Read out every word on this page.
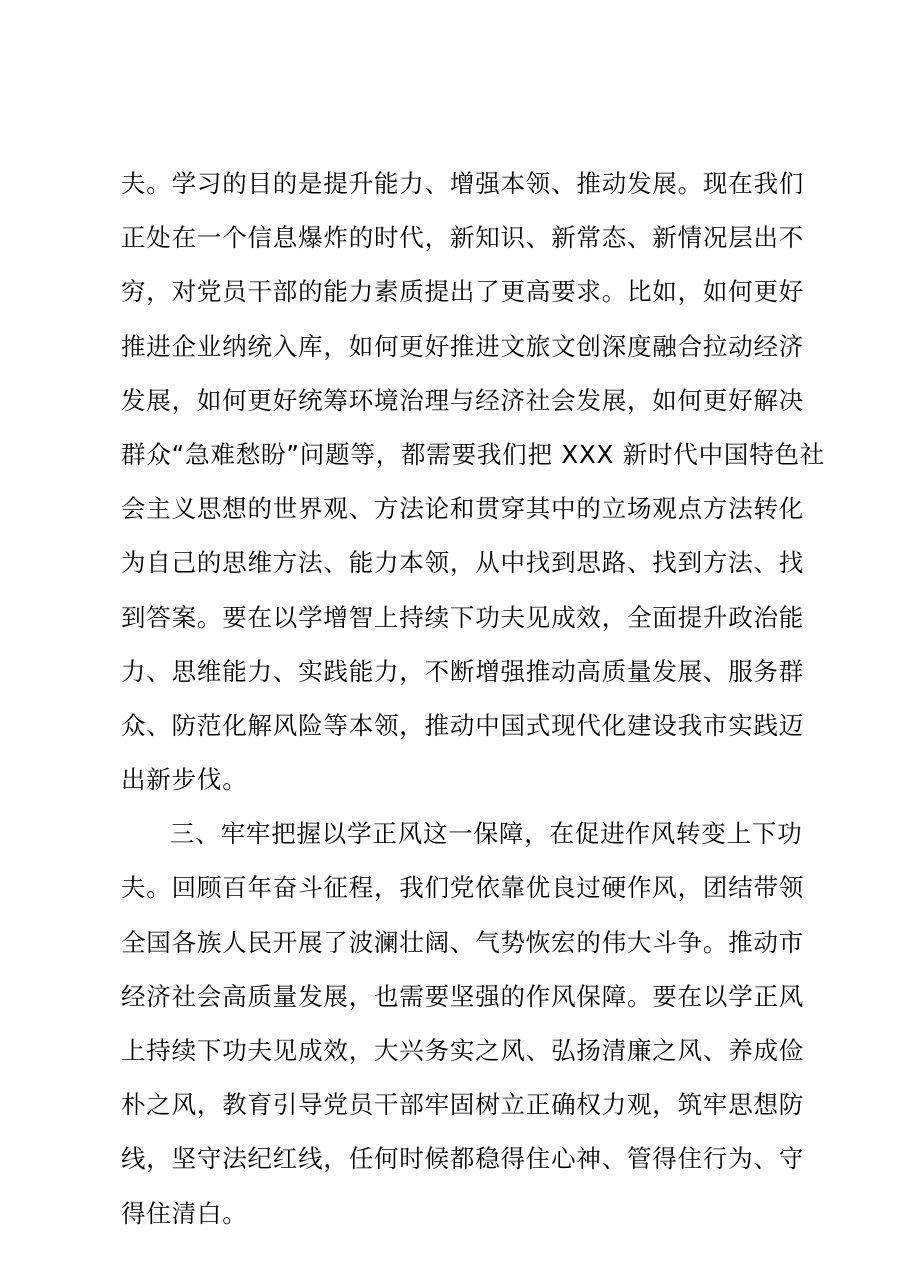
夫。学习的目的是提升能力、增强本领、推动发展。现在我们
正处在一个信息爆炸的时代，新知识、新常态、新情况层出不
穷，对党员干部的能力素质提出了更高要求。比如，如何更好
推进企业纳统入库，如何更好推进文旅文创深度融合拉动经济
发展，如何更好统筹环境治理与经济社会发展，如何更好解决
群众“急难愁盼”问题等，都需要我们把 XXX 新时代中国特色社
会主义思想的世界观、方法论和贯穿其中的立场观点方法转化
为自己的思维方法、能力本领，从中找到思路、找到方法、找
到答案。要在以学增智上持续下功夫见成效，全面提升政治能
力、思维能力、实践能力，不断增强推动高质量发展、服务群
众、防范化解风险等本领，推动中国式现代化建设我市实践迈
出新步伐。
三、牢牢把握以学正风这一保障，在促进作风转变上下功
夫。回顾百年奋斗征程，我们党依靠优良过硬作风，团结带领
全国各族人民开展了波澜壮阔、气势恢宏的伟大斗争。推动市
经济社会高质量发展，也需要坚强的作风保障。要在以学正风
上持续下功夫见成效，大兴务实之风、弘扬清廉之风、养成俭
朴之风，教育引导党员干部牢固树立正确权力观，筑牢思想防
线，坚守法纪红线，任何时候都稳得住心神、管得住行为、守
得住清白。
